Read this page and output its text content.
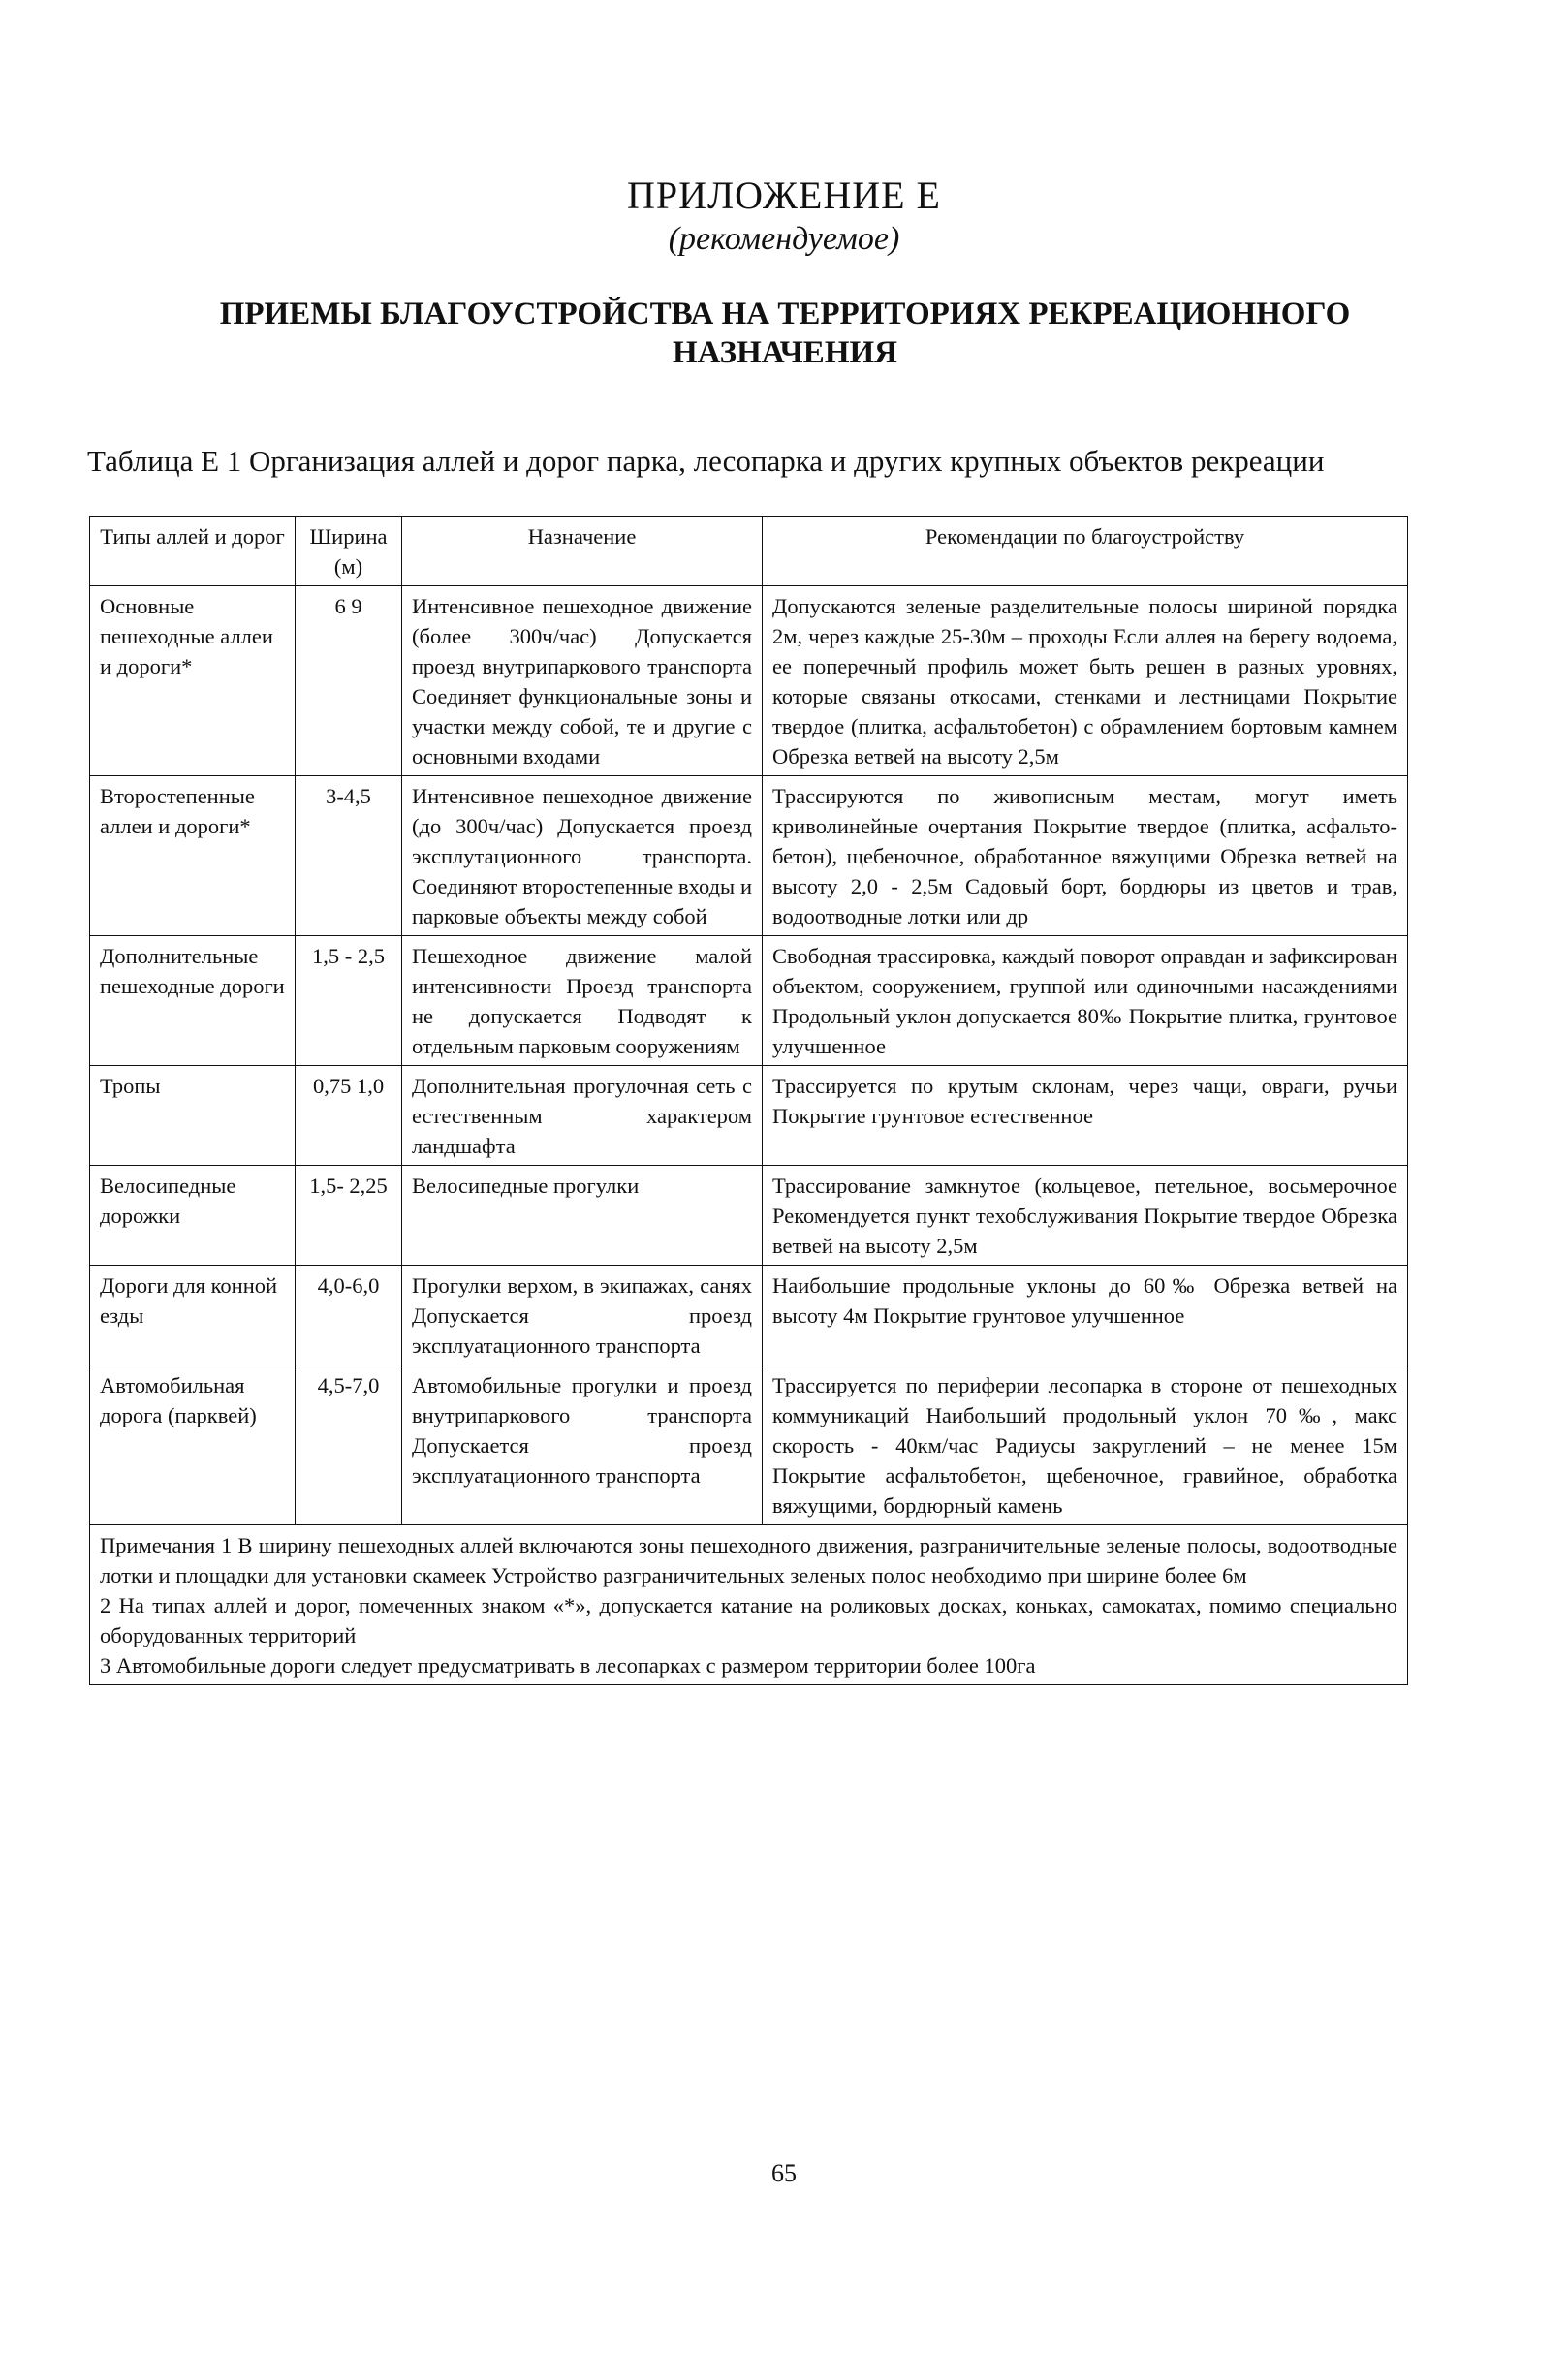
ПРИЛОЖЕНИЕ Е
(рекомендуемое)
ПРИЕМЫ БЛАГОУСТРОЙСТВА НА ТЕРРИТОРИЯХ РЕКРЕАЦИОННОГО НАЗНАЧЕНИЯ
Таблица Е 1 Организация аллей и дорог парка, лесопарка и других крупных объектов рекреации
Типы аллей и дорог	Ширина (м)	Назначение	Рекомендации по благоустройству
Основные пешеходные аллеи и дороги*	6 9	Интенсивное пешеходное движение (более 300ч/час) Допускается проезд внутрипаркового транспорта Соединяет функциональные зоны и участки между собой, те и другие с основными входами	Допускаются зеленые разделительные полосы шириной порядка 2м, через каждые 25-30м – проходы Если аллея на берегу водоема, ее поперечный профиль может быть решен в разных уровнях, которые связаны откосами, стенками и лестницами Покрытие твердое (плитка, асфальтобетон) с обрамлением бортовым камнем Обрезка ветвей на высоту 2,5м
Второстепенные аллеи и дороги*	3-4,5	Интенсивное пешеходное движение (до 300ч/час) Допускается проезд эксплутационного транспорта. Соединяют второстепенные входы и парковые объекты между собой	Трассируются по живописным местам, могут иметь криволинейные очертания Покрытие твердое (плитка, асфальто-бетон), щебеночное, обработанное вяжущими Обрезка ветвей на высоту 2,0 - 2,5м Садовый борт, бордюры из цветов и трав, водоотводные лотки или др
Дополнительные пешеходные дороги	1,5 - 2,5	Пешеходное движение малой интенсивности Проезд транспорта не допускается Подводят к отдельным парковым сооружениям	Свободная трассировка, каждый поворот оправдан и зафиксирован объектом, сооружением, группой или одиночными насаждениями Продольный уклон допускается 80‰ Покрытие плитка, грунтовое улучшенное
Тропы	0,75 1,0	Дополнительная прогулочная сеть с естественным характером ландшафта	Трассируется по крутым склонам, через чащи, овраги, ручьи Покрытие грунтовое естественное
Велосипедные дорожки	1,5- 2,25	Велосипедные прогулки	Трассирование замкнутое (кольцевое, петельное, восьмерочное Рекомендуется пункт техобслуживания Покрытие твердое Обрезка ветвей на высоту 2,5м
Дороги для конной езды	4,0-6,0	Прогулки верхом, в экипажах, санях Допускается проезд эксплуатационного транспорта	Наибольшие продольные уклоны до 60‰ Обрезка ветвей на высоту 4м Покрытие грунтовое улучшенное
Автомобильная дорога (парквей)	4,5-7,0	Автомобильные прогулки и проезд внутрипаркового транспорта Допускается проезд эксплуатационного транспорта	Трассируется по периферии лесопарка в стороне от пешеходных коммуникаций Наибольший продольный уклон 70‰, макс скорость - 40км/час Радиусы закруглений – не менее 15м Покрытие асфальтобетон, щебеночное, гравийное, обработка вяжущими, бордюрный камень

Примечания 1 В ширину пешеходных аллей включаются зоны пешеходного движения, разграничительные зеленые полосы, водоотводные лотки и площадки для установки скамеек Устройство разграничительных зеленых полос необходимо при ширине более 6м
2 На типах аллей и дорог, помеченных знаком «*», допускается катание на роликовых досках, коньках, самокатах, помимо специально оборудованных территорий
3 Автомобильные дороги следует предусматривать в лесопарках с размером территории более 100га			
65
